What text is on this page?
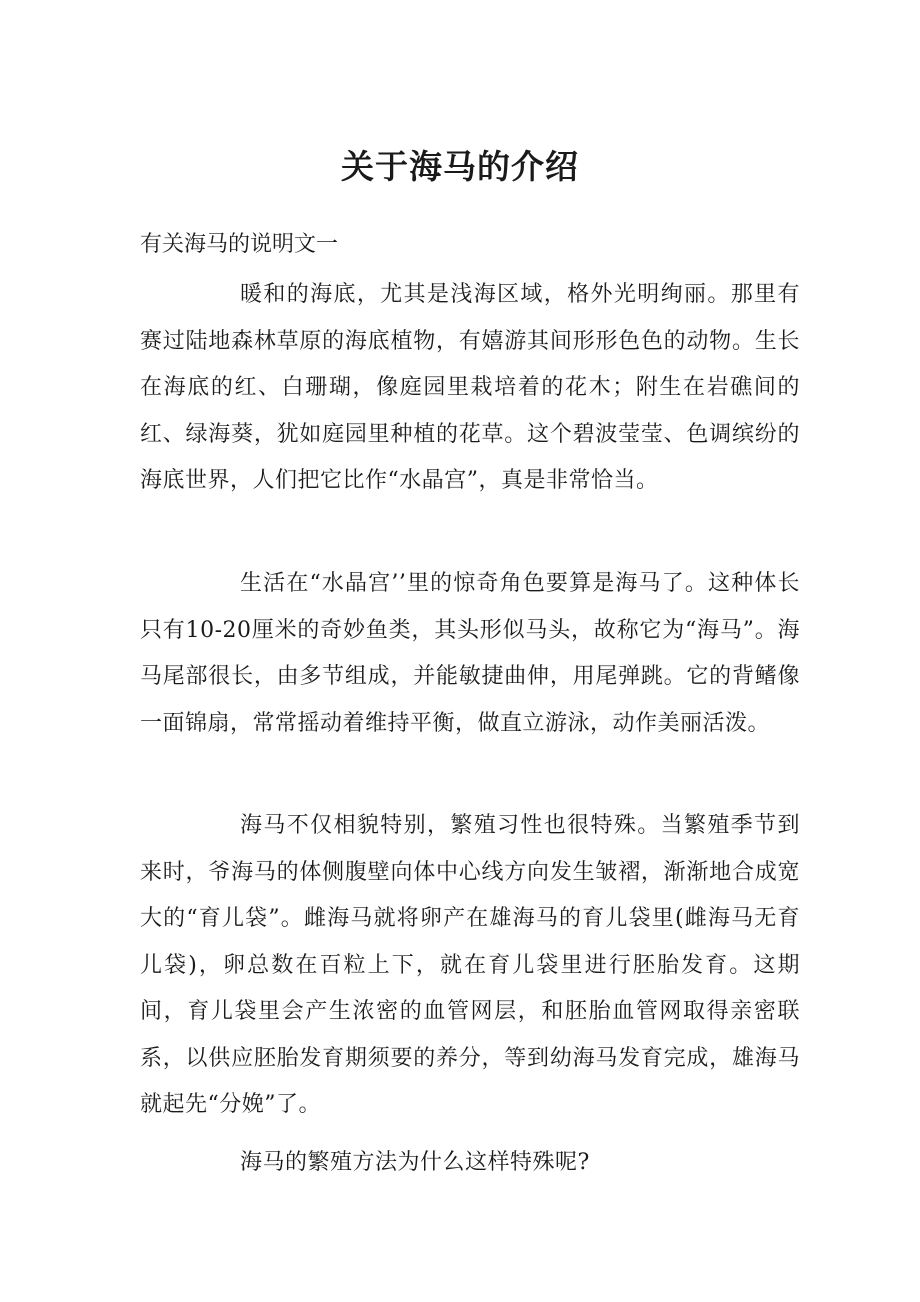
关于海马的介绍

有关海马的说明文一

暖和的海底，尤其是浅海区域，格外光明绚丽。那里有赛过陆地森林草原的海底植物，有嬉游其间形形色色的动物。生长在海底的红、白珊瑚，像庭园里栽培着的花木；附生在岩礁间的红、绿海葵，犹如庭园里种植的花草。这个碧波莹莹、色调缤纷的海底世界，人们把它比作“水晶宫”，真是非常恰当。

生活在“水晶宫’’里的惊奇角色要算是海马了。这种体长只有10-20厘米的奇妙鱼类，其头形似马头，故称它为“海马”。海马尾部很长，由多节组成，并能敏捷曲伸，用尾弹跳。它的背鳍像一面锦扇，常常摇动着维持平衡，做直立游泳，动作美丽活泼。

海马不仅相貌特别，繁殖习性也很特殊。当繁殖季节到来时，爷海马的体侧腹壁向体中心线方向发生皱褶，渐渐地合成宽大的“育儿袋”。雌海马就将卵产在雄海马的育儿袋里(雌海马无育儿袋)，卵总数在百粒上下，就在育儿袋里进行胚胎发育。这期间，育儿袋里会产生浓密的血管网层，和胚胎血管网取得亲密联系，以供应胚胎发育期须要的养分，等到幼海马发育完成，雄海马就起先“分娩”了。

海马的繁殖方法为什么这样特殊呢?
